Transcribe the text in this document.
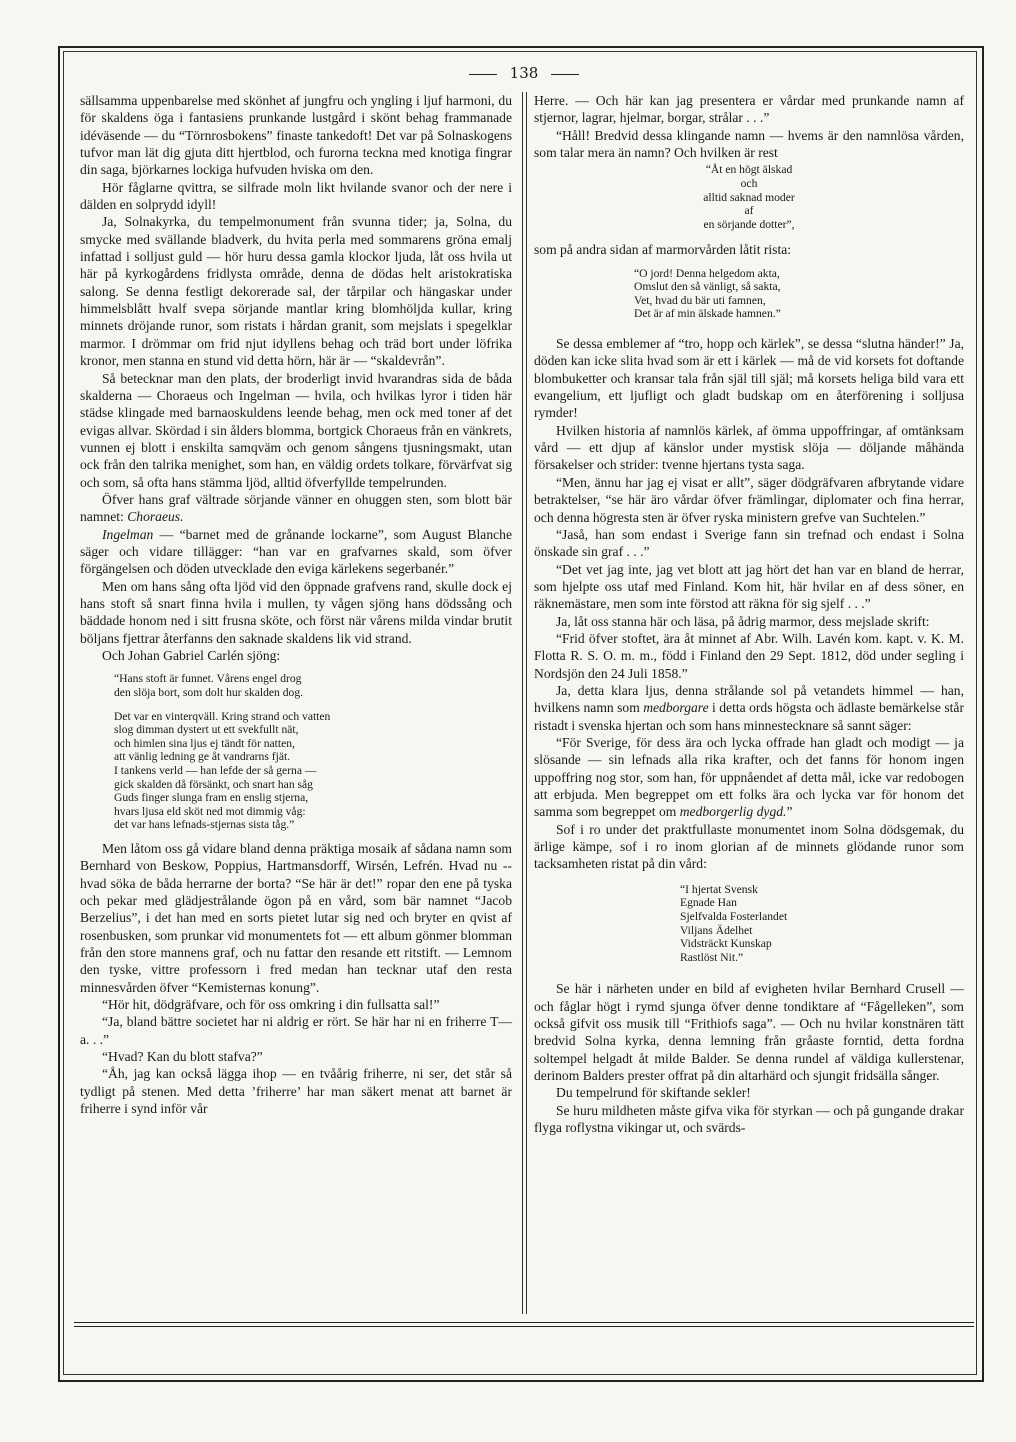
138

sällsamma uppenbarelse med skönhet af jungfru och yngling i ljuf harmoni, du för skaldens öga i fantasiens prunkande lustgård i skönt behag frammanade idéväsende — du “Törnrosbokens” finaste tankedoft! Det var på Solnaskogens tufvor man lät dig gjuta ditt hjertblod, och furorna teckna med knotiga fingrar din saga, björkarnes lockiga hufvuden hviska om den.

Hör fåglarne qvittra, se silfrade moln likt hvilande svanor och der nere i dälden en solprydd idyll!

Ja, Solnakyrka, du tempelmonument från svunna tider; ja, Solna, du smycke med svällande bladverk, du hvita perla med sommarens gröna emalj infattad i solljust guld — hör huru dessa gamla klockor ljuda, låt oss hvila ut här på kyrkogårdens fridlysta område, denna de dödas helt aristokratiska salong. Se denna festligt dekorerade sal, der tårpilar och hängaskar under himmelsblått hvalf svepa sörjande mantlar kring blomhöljda kullar, kring minnets dröjande runor, som ristats i hårdan granit, som mejslats i spegelklar marmor. I drömmar om frid njut idyllens behag och träd bort under löfrika kronor, men stanna en stund vid detta hörn, här är — “skaldevrån”.

Så betecknar man den plats, der broderligt invid hvarandras sida de båda skalderna — Choraeus och Ingelman — hvila, och hvilkas lyror i tiden här städse klingade med barnaoskuldens leende behag, men ock med toner af det evigas allvar. Skördad i sin ålders blomma, bortgick Choraeus från en vänkrets, vunnen ej blott i enskilta samqväm och genom sångens tjusningsmakt, utan ock från den talrika menighet, som han, en väldig ordets tolkare, förvärfvat sig och som, så ofta hans stämma ljöd, alltid öfverfyllde tempelrunden.

Öfver hans graf vältrade sörjande vänner en ohuggen sten, som blott bär namnet: Choraeus.

Ingelman — “barnet med de grånande lockarne”, som August Blanche säger och vidare tillägger: “han var en grafvarnes skald, som öfver förgängelsen och döden utvecklade den eviga kärlekens segerbanér.”

Men om hans sång ofta ljöd vid den öppnade grafvens rand, skulle dock ej hans stoft så snart finna hvila i mullen, ty vågen sjöng hans dödssång och bäddade honom ned i sitt frusna sköte, och först när vårens milda vindar brutit böljans fjettrar återfanns den saknade skaldens lik vid strand.

Och Johan Gabriel Carlén sjöng:

“Hans stoft är funnet. Vårens engel drog
den slöja bort, som dolt hur skalden dog.
Det var en vinterqväll. Kring strand och vatten
slog dimman dystert ut ett svekfullt nät,
och himlen sina ljus ej tändt för natten,
att vänlig ledning ge åt vandrarns fjät.
I tankens verld — han lefde der så gerna —
gick skalden då försänkt, och snart han såg
Guds finger slunga fram en enslig stjerna,
hvars ljusa eld sköt ned mot dimmig våg:
det var hans lefnads-stjernas sista tåg.”

Men låtom oss gå vidare bland denna präktiga mosaik af sådana namn som Bernhard von Beskow, Poppius, Hartmansdorff, Wirsén, Lefrén. Hvad nu -- hvad söka de båda herrarne der borta? “Se här är det!” ropar den ene på tyska och pekar med glädjestrålande ögon på en vård, som bär namnet “Jacob Berzelius”, i det han med en sorts pietet lutar sig ned och bryter en qvist af rosenbusken, som prunkar vid monumentets fot — ett album gönmer blomman från den store mannens graf, och nu fattar den resande ett ritstift. — Lemnom den tyske, vittre professorn i fred medan han tecknar utaf den resta minnesvården öfver “Kemisternas konung”.

“Hör hit, dödgräfvare, och för oss omkring i din fullsatta sal!”

“Ja, bland bättre societet har ni aldrig er rört. Se här har ni en friherre T—a. . .”

“Hvad? Kan du blott stafva?”

“Åh, jag kan också lägga ihop — en tvåårig friherre, ni ser, det står så tydligt på stenen. Med detta ’friherre’ har man säkert menat att barnet är friherre i synd inför vår

Herre. — Och här kan jag presentera er vårdar med prunkande namn af stjernor, lagrar, hjelmar, borgar, strålar . . .”

“Håll! Bredvid dessa klingande namn — hvems är den namnlösa vården, som talar mera än namn? Och hvilken är rest

“Åt en högt älskad
och
alltid saknad moder
af
en sörjande dotter”,

som på andra sidan af marmorvården låtit rista:

“O jord! Denna helgedom akta,
Omslut den så vänligt, så sakta,
Vet, hvad du bär uti famnen,
Det är af min älskade hamnen.”

Se dessa emblemer af “tro, hopp och kärlek”, se dessa “slutna händer!” Ja, döden kan icke slita hvad som är ett i kärlek — må de vid korsets fot doftande blombuketter och kransar tala från själ till själ; må korsets heliga bild vara ett evangelium, ett ljufligt och gladt budskap om en återförening i solljusa rymder!

Hvilken historia af namnlös kärlek, af ömma uppoffringar, af omtänksam vård — ett djup af känslor under mystisk slöja — döljande måhända försakelser och strider: tvenne hjertans tysta saga.

“Men, ännu har jag ej visat er allt”, säger dödgräfvaren afbrytande vidare betraktelser, “se här äro vårdar öfver främlingar, diplomater och fina herrar, och denna högresta sten är öfver ryska ministern grefve van Suchtelen.”

“Jaså, han som endast i Sverige fann sin trefnad och endast i Solna önskade sin graf . . .”

“Det vet jag inte, jag vet blott att jag hört det han var en bland de herrar, som hjelpte oss utaf med Finland. Kom hit, här hvilar en af dess söner, en räknemästare, men som inte förstod att räkna för sig sjelf . . .”

Ja, låt oss stanna här och läsa, på ådrig marmor, dess mejslade skrift:

“Frid öfver stoftet, ära åt minnet af Abr. Wilh. Lavén kom. kapt. v. K. M. Flotta R. S. O. m. m., född i Finland den 29 Sept. 1812, död under segling i Nordsjön den 24 Juli 1858.”

Ja, detta klara ljus, denna strålande sol på vetandets himmel — han, hvilkens namn som medborgare i detta ords högsta och ädlaste bemärkelse står ristadt i svenska hjertan och som hans minnestecknare så sannt säger:

“För Sverige, för dess ära och lycka offrade han gladt och modigt — ja slösande — sin lefnads alla rika krafter, och det fanns för honom ingen uppoffring nog stor, som han, för uppnåendet af detta mål, icke var redobogen att erbjuda. Men begreppet om ett folks ära och lycka var för honom det samma som begreppet om medborgerlig dygd.”

Sof i ro under det praktfullaste monumentet inom Solna dödsgemak, du ärlige kämpe, sof i ro inom glorian af de minnets glödande runor som tacksamheten ristat på din vård:

“I hjertat Svensk
Egnade Han
Sjelfvalda Fosterlandet
Viljans Ädelhet
Vidsträckt Kunskap
Rastlöst Nit.”

Se här i närheten under en bild af evigheten hvilar Bernhard Crusell — och fåglar högt i rymd sjunga öfver denne tondiktare af “Fågelleken”, som också gifvit oss musik till “Frithiofs saga”. — Och nu hvilar konstnären tätt bredvid Solna kyrka, denna lemning från gråaste forntid, detta fordna soltempel helgadt åt milde Balder. Se denna rundel af väldiga kullerstenar, derinom Balders prester offrat på din altarhärd och sjungit fridsälla sånger.

Du tempelrund för skiftande sekler!

Se huru mildheten måste gifva vika för styrkan — och på gungande drakar flyga roflystna vikingar ut, och svärds-
